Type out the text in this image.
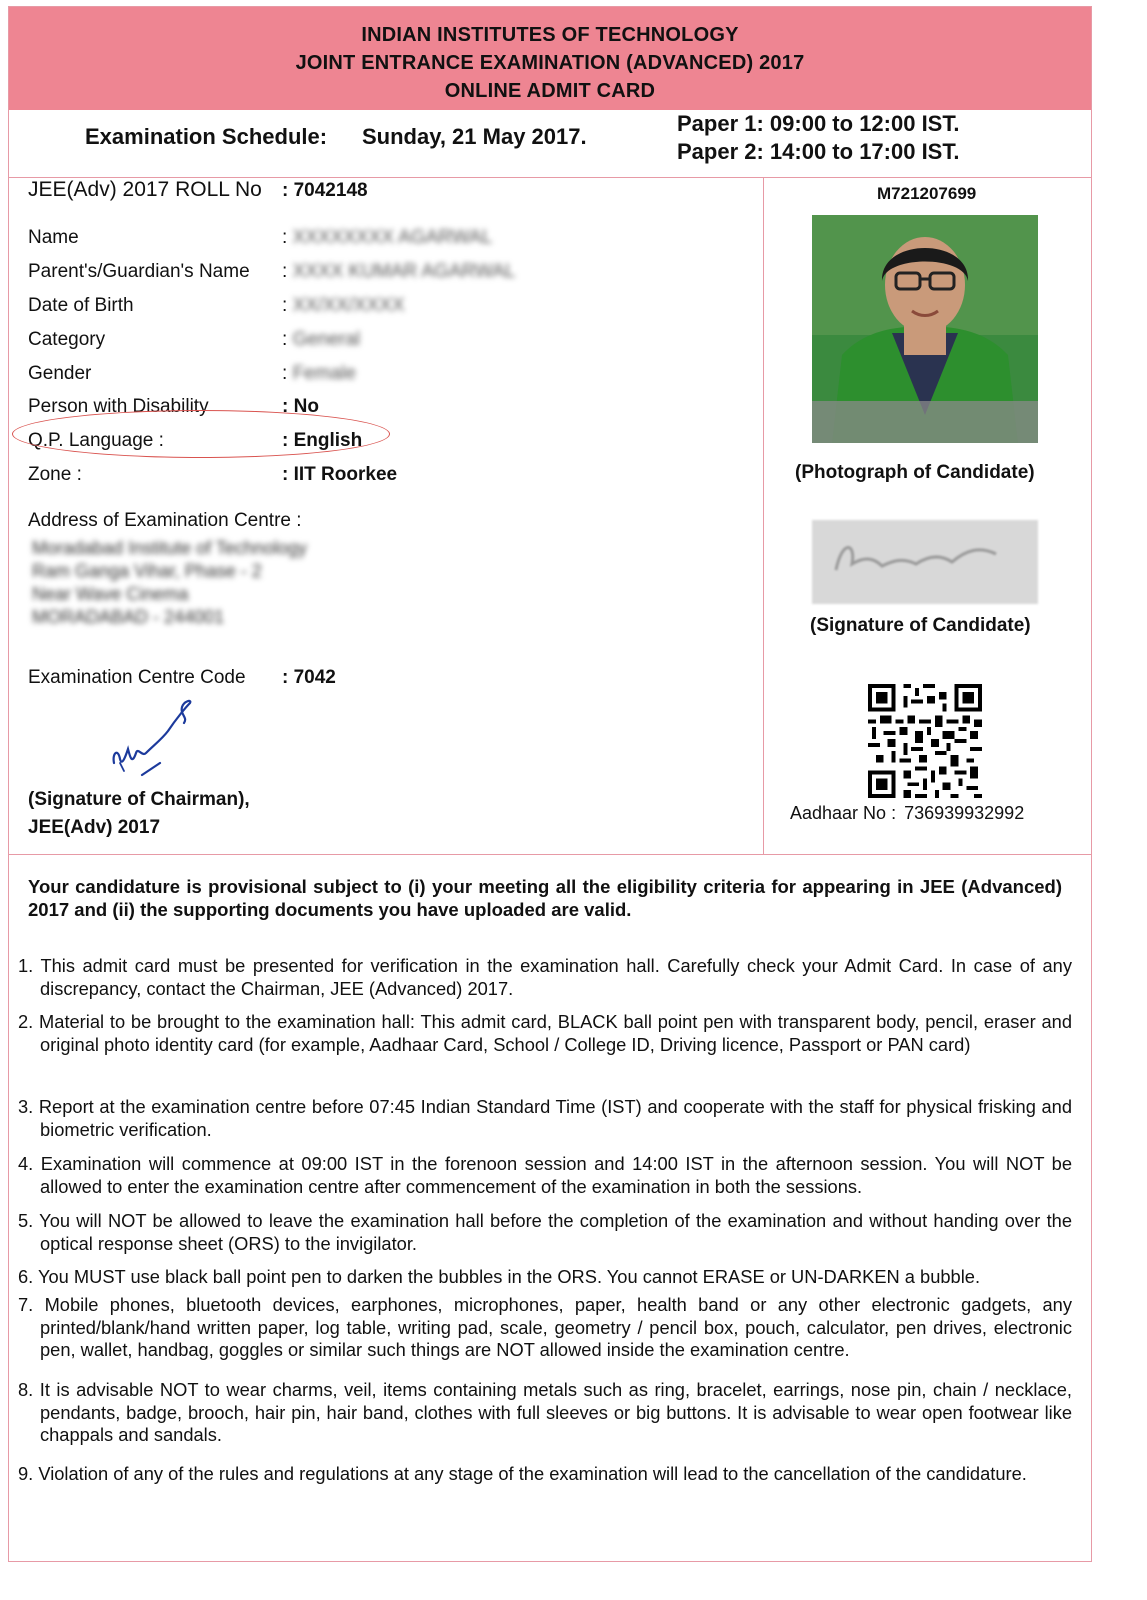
INDIAN INSTITUTES OF TECHNOLOGY
JOINT ENTRANCE EXAMINATION (ADVANCED) 2017
ONLINE ADMIT CARD
Examination Schedule: Sunday, 21 May 2017.
Paper 1: 09:00 to 12:00 IST.
Paper 2: 14:00 to 17:00 IST.
JEE(Adv) 2017 ROLL No : 7042148
Name	: XXXXXXXX AGARWAL
Parent's/Guardian's Name : XXXX KUMAR AGARWAL
Date of Birth	: XX/XX/XXXX
Category	: General
Gender	: Female
Person with Disability	: No
Q.P. Language :	: English
Zone :	: IIT Roorkee
Address of Examination Centre :
Moradabad Institute of Technology
Ram Ganga Vihar, Phase - 2
Near Wave Cinema
MORADABAD - 244001
Examination Centre Code : 7042
(Signature of Chairman),
JEE(Adv) 2017
M721207699
(Photograph of Candidate)
(Signature of Candidate)
Aadhaar No : 736939932992
Your candidature is provisional subject to (i) your meeting all the eligibility criteria for appearing in JEE (Advanced) 2017 and (ii) the supporting documents you have uploaded are valid.
1. This admit card must be presented for verification in the examination hall. Carefully check your Admit Card. In case of any discrepancy, contact the Chairman, JEE (Advanced) 2017.
2. Material to be brought to the examination hall: This admit card, BLACK ball point pen with transparent body, pencil, eraser and original photo identity card (for example, Aadhaar Card, School / College ID, Driving licence, Passport or PAN card)
3. Report at the examination centre before 07:45 Indian Standard Time (IST) and cooperate with the staff for physical frisking and biometric verification.
4. Examination will commence at 09:00 IST in the forenoon session and 14:00 IST in the afternoon session. You will NOT be allowed to enter the examination centre after commencement of the examination in both the sessions.
5. You will NOT be allowed to leave the examination hall before the completion of the examination and without handing over the optical response sheet (ORS) to the invigilator.
6. You MUST use black ball point pen to darken the bubbles in the ORS. You cannot ERASE or UN-DARKEN a bubble.
7. Mobile phones, bluetooth devices, earphones, microphones, paper, health band or any other electronic gadgets, any printed/blank/hand written paper, log table, writing pad, scale, geometry / pencil box, pouch, calculator, pen drives, electronic pen, wallet, handbag, goggles or similar such things are NOT allowed inside the examination centre.
8. It is advisable NOT to wear charms, veil, items containing metals such as ring, bracelet, earrings, nose pin, chain / necklace, pendants, badge, brooch, hair pin, hair band, clothes with full sleeves or big buttons. It is advisable to wear open footwear like chappals and sandals.
9. Violation of any of the rules and regulations at any stage of the examination will lead to the cancellation of the candidature.
